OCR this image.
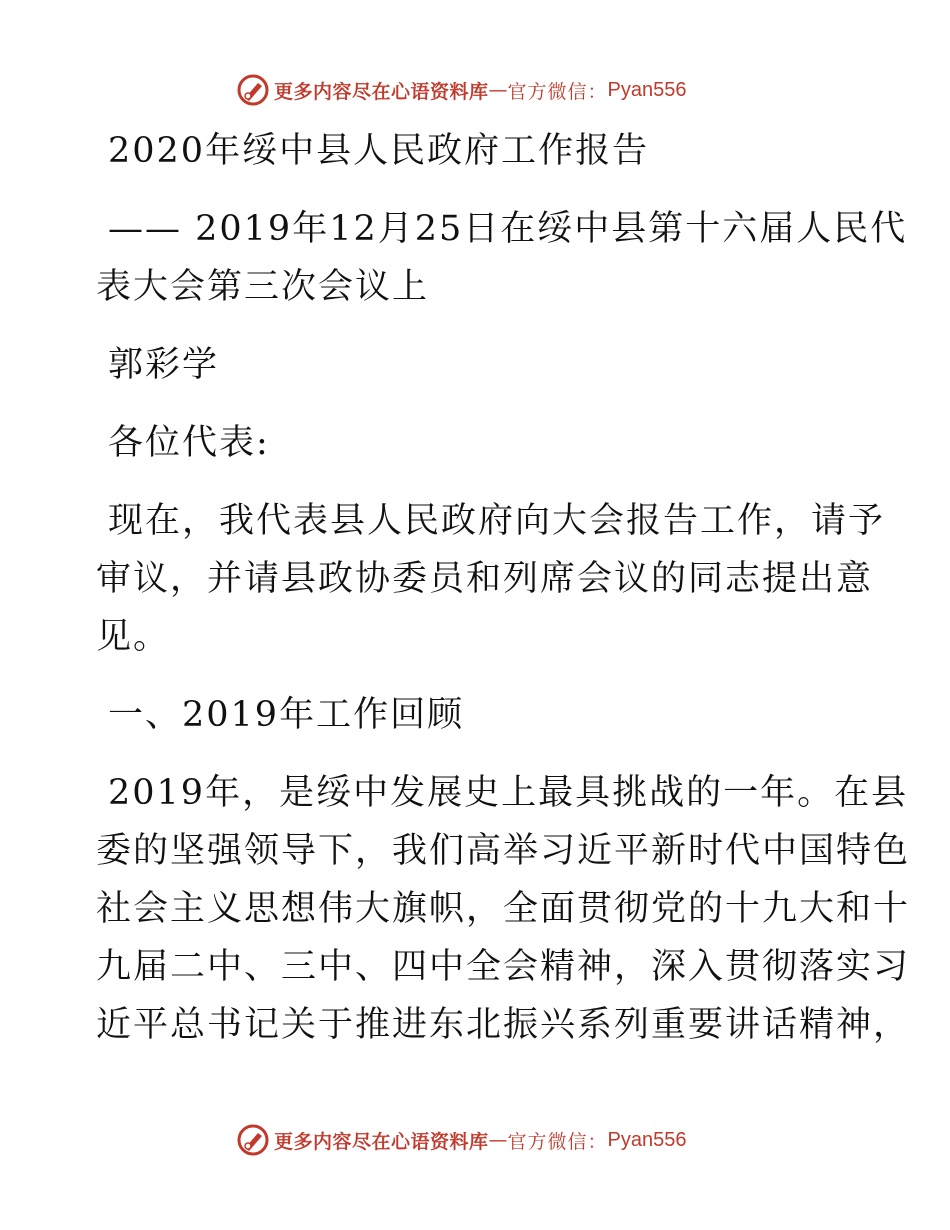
更多内容尽在心语资料库 — 官方微信： Pyan556
2020年绥中县人民政府工作报告
—— 2019年12月25日在绥中县第十六届人民代
表大会第三次会议上
郭彩学
各位代表:
现在，我代表县人民政府向大会报告工作，请予
审议，并请县政协委员和列席会议的同志提出意
见。
一、2019年工作回顾
2019年，是绥中发展史上最具挑战的一年。在县
委的坚强领导下，我们高举习近平新时代中国特色
社会主义思想伟大旗帜，全面贯彻党的十九大和十
九届二中、三中、四中全会精神，深入贯彻落实习
近平总书记关于推进东北振兴系列重要讲话精神，
更多内容尽在心语资料库 — 官方微信： Pyan556
